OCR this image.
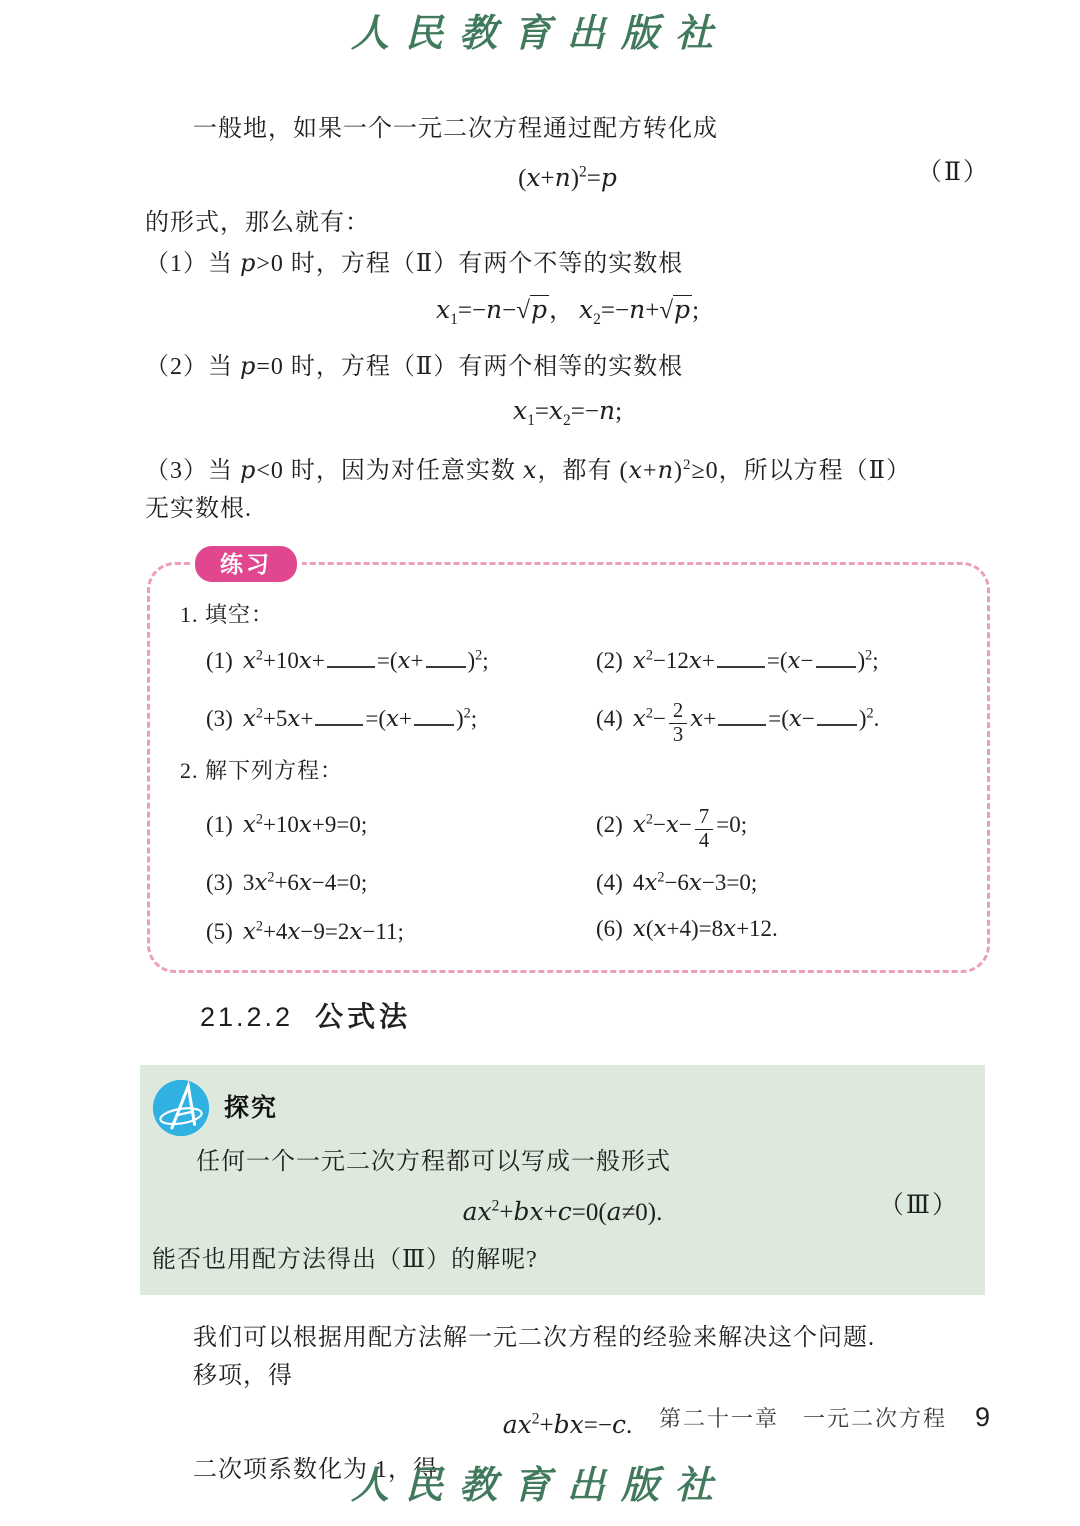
人民教育出版社

一般地，如果一个一元二次方程通过配方转化成

$(x+n)^2=p$	（Ⅱ）

的形式，那么就有：

（1）当 p>0 时，方程（Ⅱ）有两个不等的实数根

$x_1=-n-√p$， $x_2=-n+√p$;

（2）当 p=0 时，方程（Ⅱ）有两个相等的实数根

$x_1=x_2=-n$;

（3）当 p<0 时，因为对任意实数 x，都有 $(x+n)^2\ge 0$，所以方程（Ⅱ）

无实数根.

练习
1. 填空：
(1) $x^2+10x+ =(x+ )^2$;	(2) $x^2-12x+ =(x- )^2$;
(3) $x^2+5x+ =(x+ )^2$;	(4) $x^2- \frac{2}{3} x+ =(x- )^2$.
2. 解下列方程：
(1) $x^2+10x+9=0$;	(2) $x^2-x- \frac{7}{4} =0$;
(3) $3x^2+6x-4=0$;	(4) $4x^2-6x-3=0$;
(5) $x^2+4x-9=2x-11$;	(6) x(x+4)=8x+12.
21.2.2 公式法
探究

任何一个一元二次方程都可以写成一般形式

$ax^2+bx+c=0(a\ne 0)$.	（Ⅲ）

能否也用配方法得出（Ⅲ）的解呢?

我们可以根据用配方法解一元二次方程的经验来解决这个问题.

移项，得

$ax^2+bx=-c$.

二次项系数化为 1，得

第二十一章　一元二次方程 9
人民教育出版社
